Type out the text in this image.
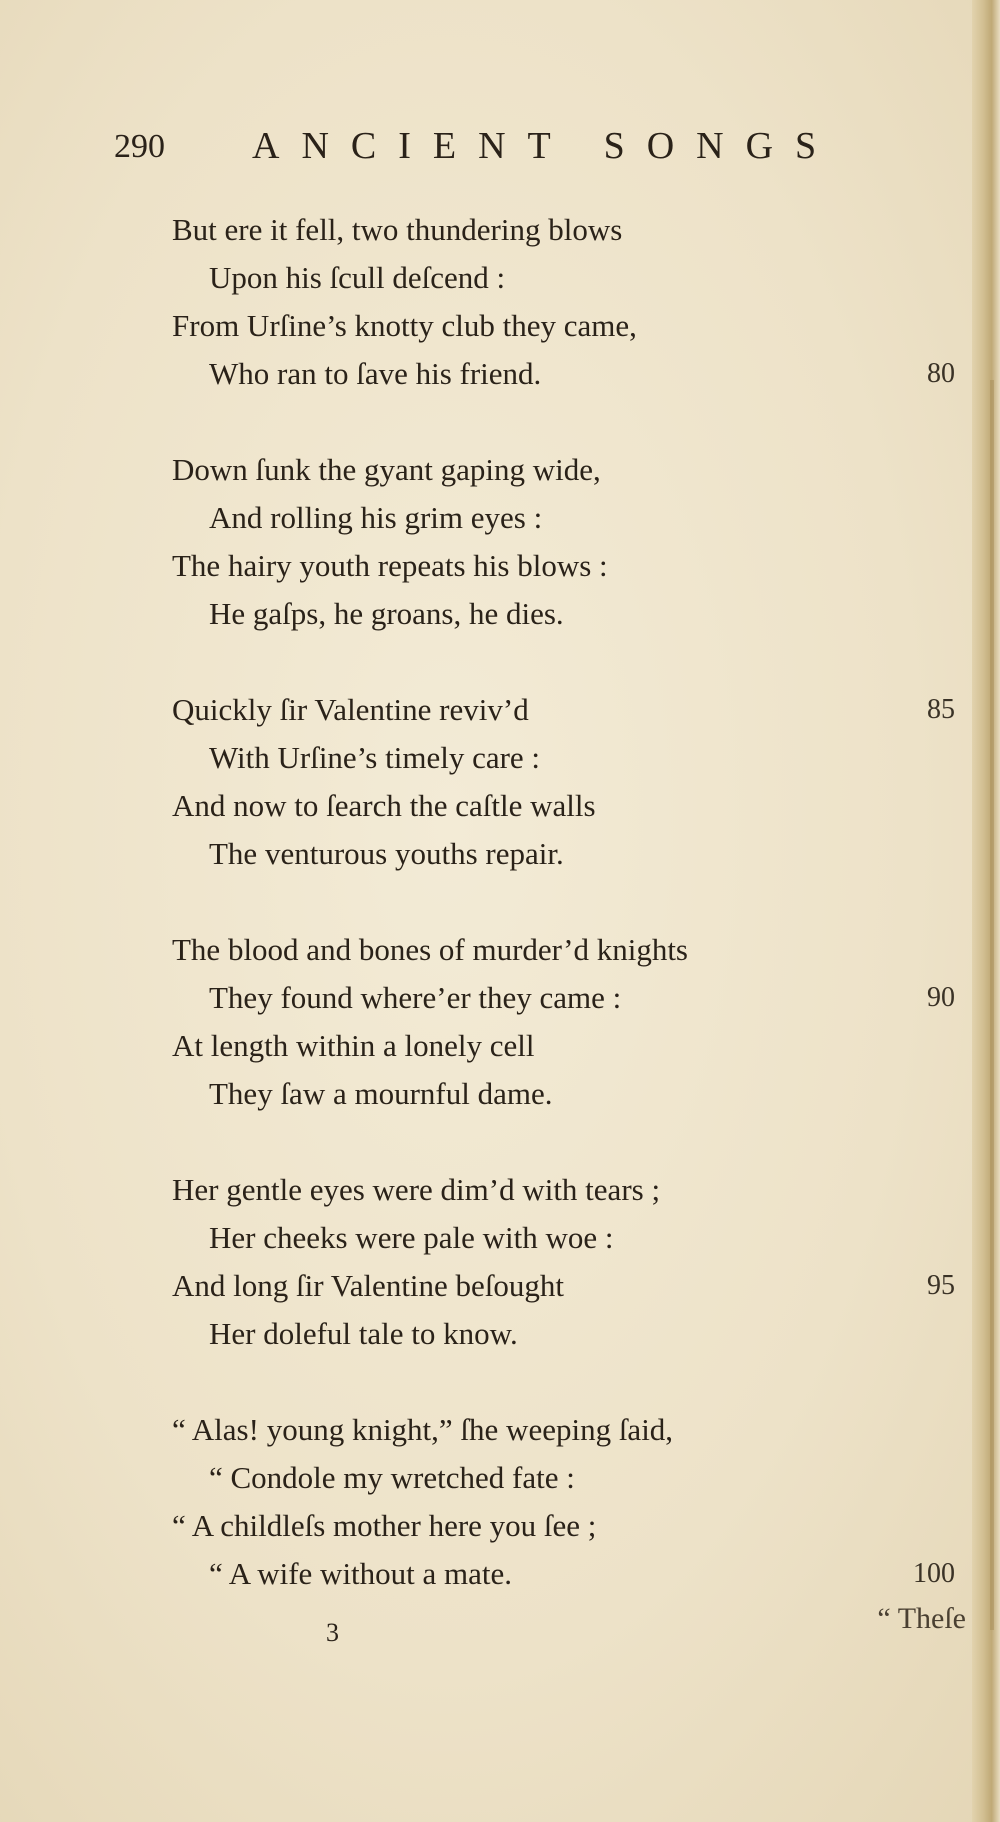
290 ANCIENT SONGS
But ere it fell, two thundering blows
Upon his ſcull deſcend :
From Urſine’s knotty club they came,
Who ran to ſave his friend.	80
Down ſunk the gyant gaping wide,
And rolling his grim eyes :
The hairy youth repeats his blows :
He gaſps, he groans, he dies.
Quickly ſir Valentine reviv’d	85
With Urſine’s timely care :
And now to ſearch the caſtle walls
The venturous youths repair.
The blood and bones of murder’d knights
They found where’er they came :	90
At length within a lonely cell
They ſaw a mournful dame.
Her gentle eyes were dim’d with tears ;
Her cheeks were pale with woe :
And long ſir Valentine beſought	95
Her doleful tale to know.
“ Alas! young knight,” ſhe weeping ſaid,
“ Condole my wretched fate :
“ A childleſs mother here you ſee ;
“ A wife without a mate.	100
3	“ Theſe
